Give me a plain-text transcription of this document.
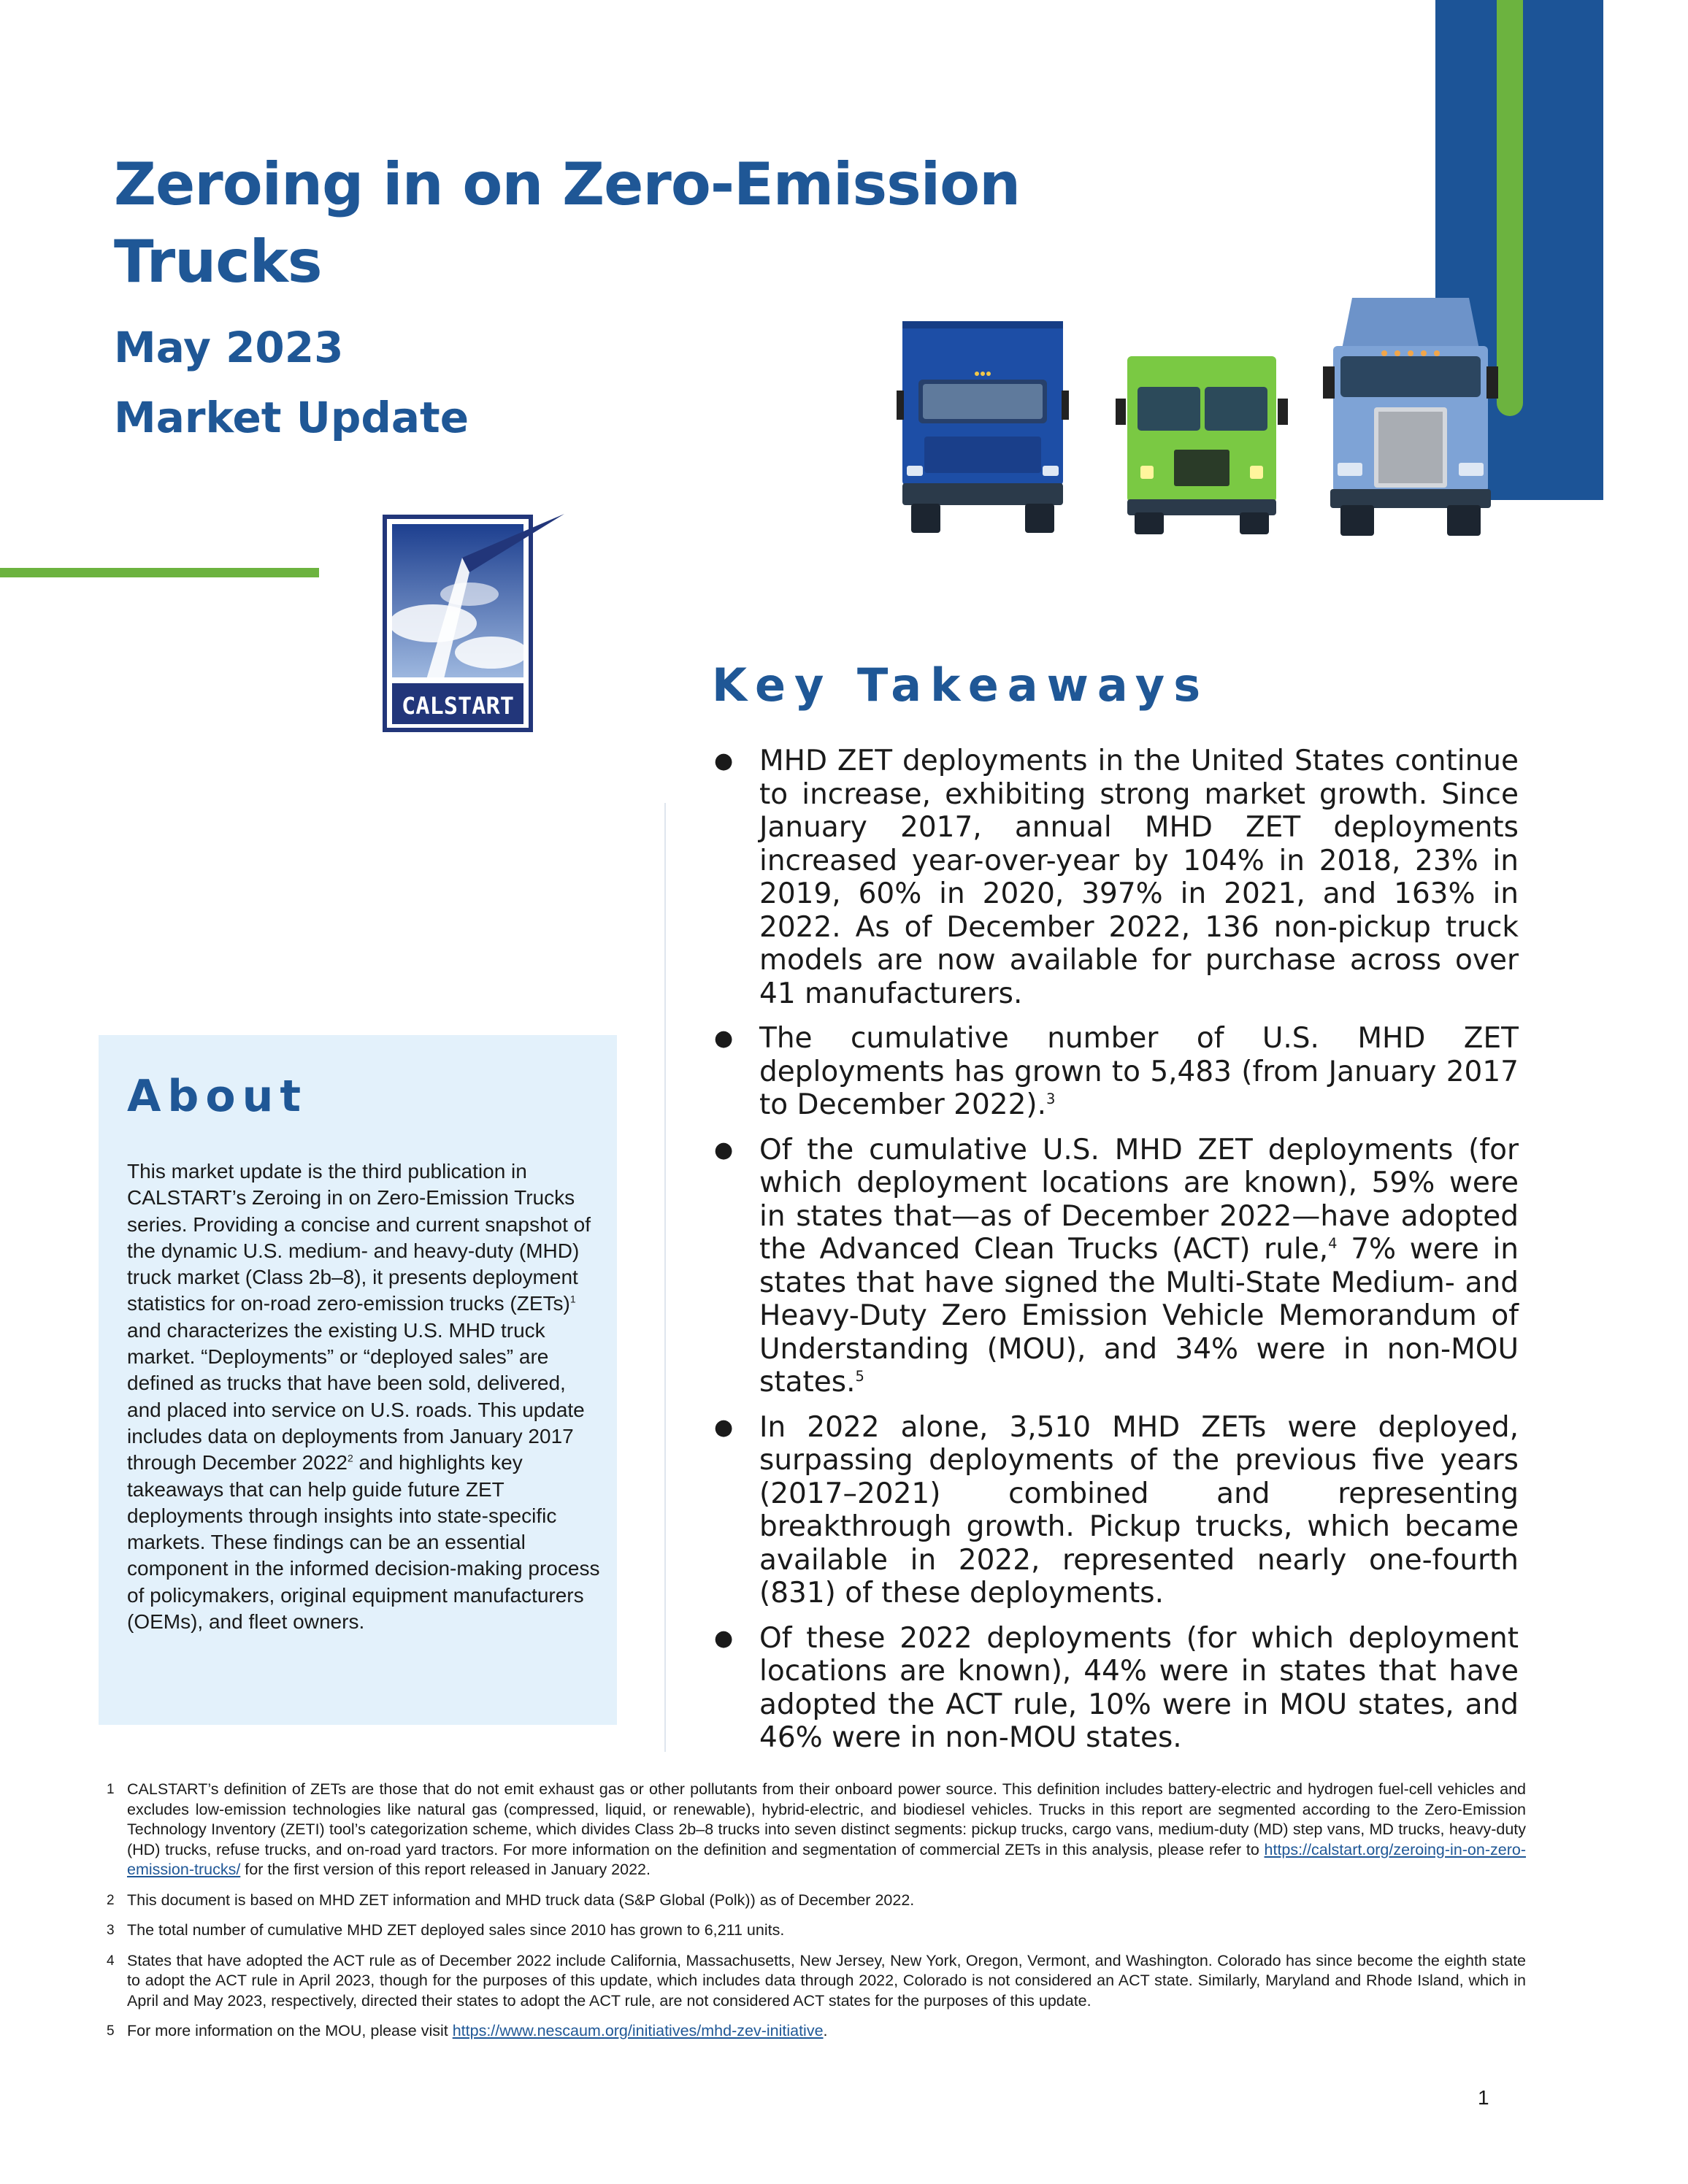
Zeroing in on Zero-Emission Trucks
May 2023
Market Update
CALSTART	Key Takeaways
● MHD ZET deployments in the United States continue to increase, exhibiting strong market growth. Since January 2017, annual MHD ZET deployments increased year-over-year by 104% in 2018, 23% in 2019, 60% in 2020, 397% in 2021, and 163% in 2022. As of December 2022, 136 non-pickup truck models are now available for purchase across over 41 manufacturers.
● The cumulative number of U.S. MHD ZET deployments has grown to 5,483 (from January 2017 to December 2022).$^3$
● Of the cumulative U.S. MHD ZET deployments (for which deployment locations are known), 59% were in states that—as of December 2022—have adopted the Advanced Clean Trucks (ACT) rule,$^4$ 7% were in states that have signed the Multi-State Medium- and Heavy-Duty Zero Emission Vehicle Memorandum of Understanding (MOU), and 34% were in non-MOU states.$^5$
● In 2022 alone, 3,510 MHD ZETs were deployed, surpassing deployments of the previous five years (2017–2021) combined and representing breakthrough growth. Pickup trucks, which became available in 2022, represented nearly one-fourth (831) of these deployments.
● Of these 2022 deployments (for which deployment locations are known), 44% were in states that have adopted the ACT rule, 10% were in MOU states, and 46% were in non-MOU states.
About

This market update is the third publication in CALSTART’s Zeroing in on Zero-Emission Trucks series. Providing a concise and current snapshot of the dynamic U.S. medium- and heavy-duty (MHD) truck market (Class 2b–8), it presents deployment statistics for on-road zero-emission trucks (ZETs)$^1$ and characterizes the existing U.S. MHD truck market. “Deployments” or “deployed sales” are defined as trucks that have been sold, delivered, and placed into service on U.S. roads. This update includes data on deployments from January 2017 through December 2022$^2$ and highlights key takeaways that can help guide future ZET deployments through insights into state-specific markets. These findings can be an essential component in the informed decision-making process of policymakers, original equipment manufacturers (OEMs), and fleet owners.

1 CALSTART’s definition of ZETs are those that do not emit exhaust gas or other pollutants from their onboard power source. This definition includes battery-electric and hydrogen fuel-cell vehicles and excludes low-emission technologies like natural gas (compressed, liquid, or renewable), hybrid-electric, and biodiesel vehicles. Trucks in this report are segmented according to the Zero-Emission Technology Inventory (ZETI) tool’s categorization scheme, which divides Class 2b–8 trucks into seven distinct segments: pickup trucks, cargo vans, medium-duty (MD) step vans, MD trucks, heavy-duty (HD) trucks, refuse trucks, and on-road yard tractors. For more information on the definition and segmentation of commercial ZETs in this analysis, please refer to https://calstart.org/zeroing-in-on-zero-emission-trucks/ for the first version of this report released in January 2022.
2 This document is based on MHD ZET information and MHD truck data (S&P Global (Polk)) as of December 2022.
3 The total number of cumulative MHD ZET deployed sales since 2010 has grown to 6,211 units.
4 States that have adopted the ACT rule as of December 2022 include California, Massachusetts, New Jersey, New York, Oregon, Vermont, and Washington. Colorado has since become the eighth state to adopt the ACT rule in April 2023, though for the purposes of this update, which includes data through 2022, Colorado is not considered an ACT state. Similarly, Maryland and Rhode Island, which in April and May 2023, respectively, directed their states to adopt the ACT rule, are not considered ACT states for the purposes of this update.
5 For more information on the MOU, please visit https://www.nescaum.org/initiatives/mhd-zev-initiative.
1
